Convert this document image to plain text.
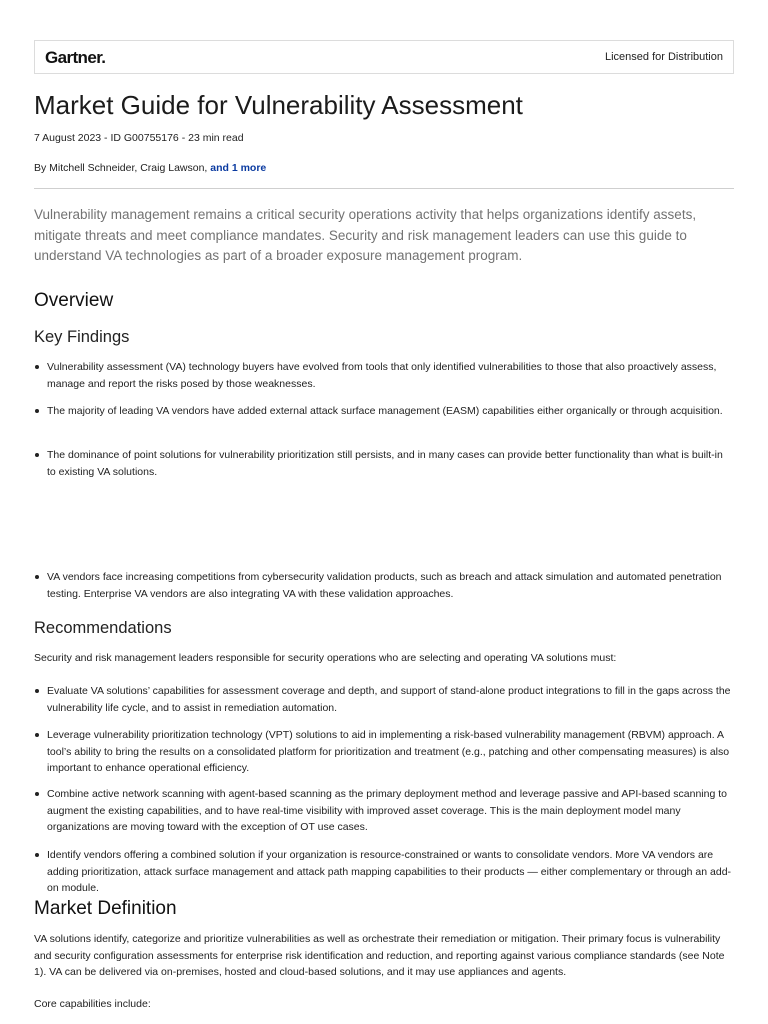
Gartner.	Licensed for Distribution
Market Guide for Vulnerability Assessment
7 August 2023 - ID G00755176 - 23 min read
By Mitchell Schneider, Craig Lawson, and 1 more

Vulnerability management remains a critical security operations activity that helps organizations identify assets, mitigate threats and meet compliance mandates. Security and risk management leaders can use this guide to understand VA technologies as part of a broader exposure management program.

Overview
Key Findings
Vulnerability assessment (VA) technology buyers have evolved from tools that only identified vulnerabilities to those that also proactively assess, manage and report the risks posed by those weaknesses.
The majority of leading VA vendors have added external attack surface management (EASM) capabilities either organically or through acquisition.
The dominance of point solutions for vulnerability prioritization still persists, and in many cases can provide better functionality than what is built-in to existing VA solutions.
VA vendors face increasing competitions from cybersecurity validation products, such as breach and attack simulation and automated penetration testing. Enterprise VA vendors are also integrating VA with these validation approaches.
Recommendations

Security and risk management leaders responsible for security operations who are selecting and operating VA solutions must:

Evaluate VA solutions’ capabilities for assessment coverage and depth, and support of stand-alone product integrations to fill in the gaps across the vulnerability life cycle, and to assist in remediation automation.
Leverage vulnerability prioritization technology (VPT) solutions to aid in implementing a risk-based vulnerability management (RBVM) approach. A tool’s ability to bring the results on a consolidated platform for prioritization and treatment (e.g., patching and other compensating measures) is also important to enhance operational efficiency.
Combine active network scanning with agent-based scanning as the primary deployment method and leverage passive and API-based scanning to augment the existing capabilities, and to have real-time visibility with improved asset coverage. This is the main deployment model many organizations are moving toward with the exception of OT use cases.
Identify vendors offering a combined solution if your organization is resource-constrained or wants to consolidate vendors. More VA vendors are adding prioritization, attack surface management and attack path mapping capabilities to their products — either complementary or through an add-on module.
Market Definition

VA solutions identify, categorize and prioritize vulnerabilities as well as orchestrate their remediation or mitigation. Their primary focus is vulnerability and security configuration assessments for enterprise risk identification and reduction, and reporting against various compliance standards (see Note 1). VA can be delivered via on-premises, hosted and cloud-based solutions, and it may use appliances and agents.

Core capabilities include:
